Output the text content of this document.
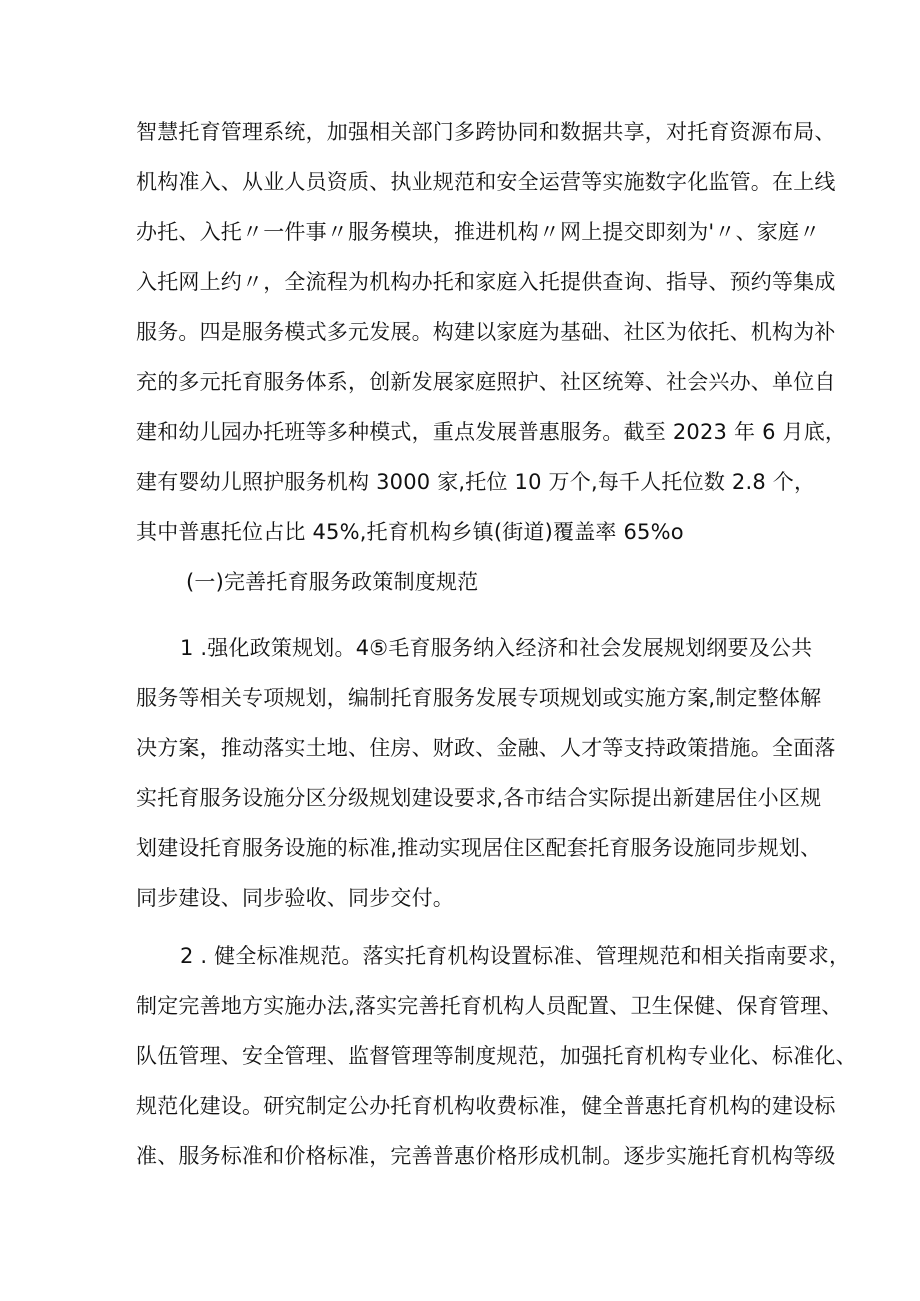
智慧托育管理系统，加强相关部门多跨协同和数据共享，对托育资源布局、
机构准入、从业人员资质、执业规范和安全运营等实施数字化监管。在上线
办托、入托〃一件事〃服务模块，推进机构〃网上提交即刻为'〃、家庭〃
入托网上约〃，全流程为机构办托和家庭入托提供查询、指导、预约等集成
服务。四是服务模式多元发展。构建以家庭为基础、社区为依托、机构为补
充的多元托育服务体系，创新发展家庭照护、社区统筹、社会兴办、单位自
建和幼儿园办托班等多种模式，重点发展普惠服务。截至 2023 年 6 月底，
建有婴幼儿照护服务机构 3000 家,托位 10 万个,每千人托位数 2.8 个，
其中普惠托位占比 45%,托育机构乡镇(街道)覆盖率 65%o
(一)完善托育服务政策制度规范
1 .强化政策规划。4⑤毛育服务纳入经济和社会发展规划纲要及公共
服务等相关专项规划，编制托育服务发展专项规划或实施方案,制定整体解
决方案，推动落实土地、住房、财政、金融、人才等支持政策措施。全面落
实托育服务设施分区分级规划建设要求,各市结合实际提出新建居住小区规
划建设托育服务设施的标准,推动实现居住区配套托育服务设施同步规划、
同步建设、同步验收、同步交付。
2 . 健全标准规范。落实托育机构设置标准、管理规范和相关指南要求，
制定完善地方实施办法,落实完善托育机构人员配置、卫生保健、保育管理、
队伍管理、安全管理、监督管理等制度规范，加强托育机构专业化、标准化、
规范化建设。研究制定公办托育机构收费标准，健全普惠托育机构的建设标
准、服务标准和价格标准，完善普惠价格形成机制。逐步实施托育机构等级
